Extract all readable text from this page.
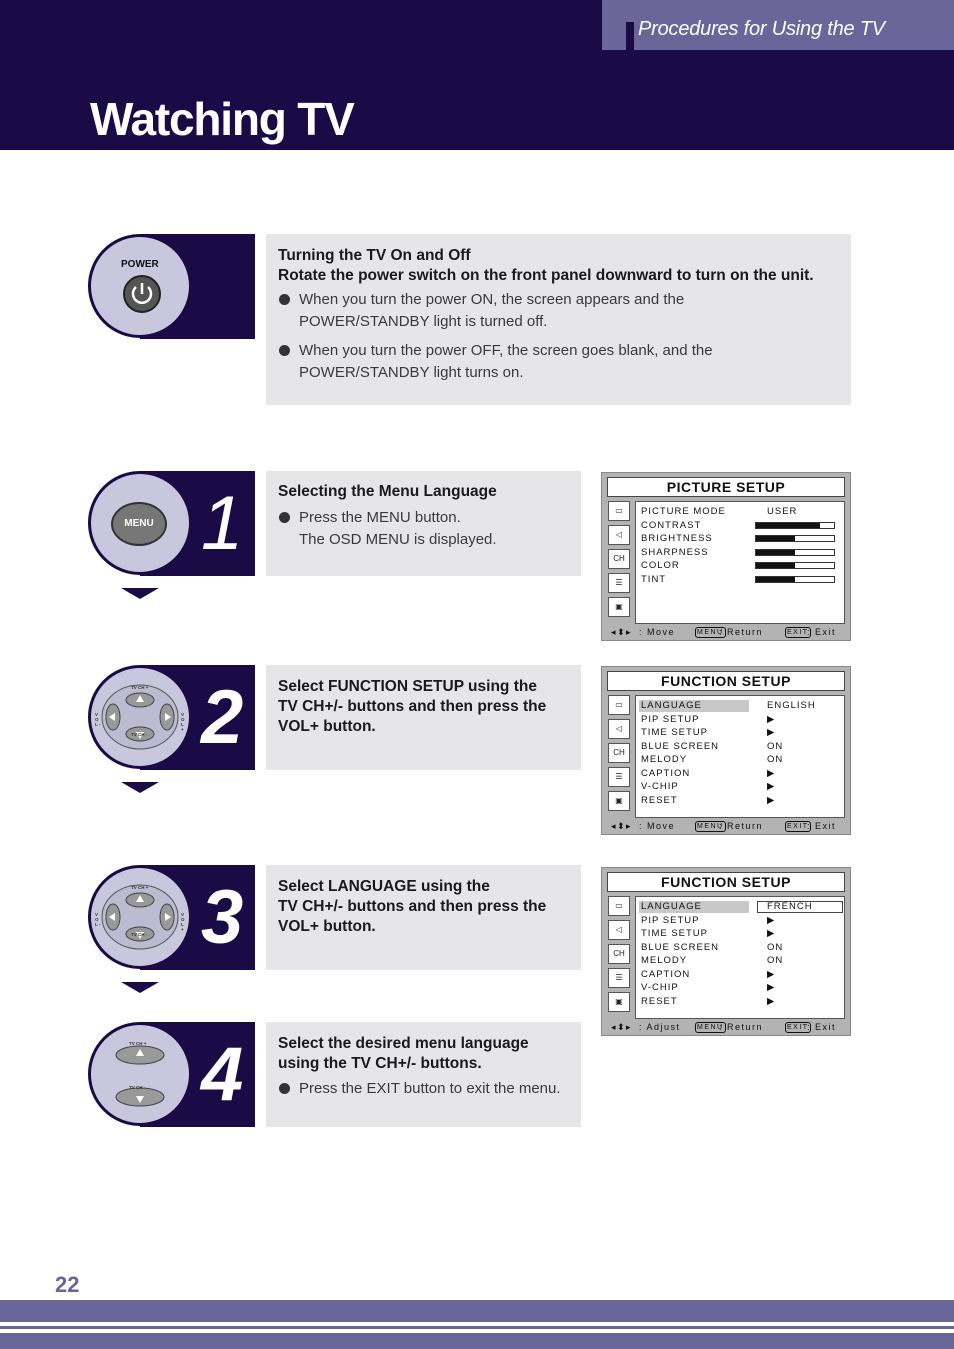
Procedures for Using the TV
Watching TV
POWER
Turning the TV On and Off
Rotate the power switch on the front panel downward to turn on the unit.
When you turn the power ON, the screen appears and the
POWER/STANDBY light is turned off.
When you turn the power OFF, the screen goes blank, and the
POWER/STANDBY light turns on.
MENU 1 Selecting the Menu Language
Press the MENU button.
The OSD MENU is displayed.
TV CH +
TV CH -
V O L -
V O L + 2 Select FUNCTION SETUP using the
TV CH+/- buttons and then press the
VOL+ button.
TV CH +
TV CH -
V O L -
V O L + 3 Select LANGUAGE using the
TV CH+/- buttons and then press the
VOL+ button.
TV CH +
TV CH - 4 Select the desired menu language
using the TV CH+/- buttons.
Press the EXIT button to exit the menu.
PICTURE SETUP
▭
◁
CH
☰
▣
PICTURE MODE	USER
CONTRAST
BRIGHTNESS
SHARPNESS
COLOR
TINT
◂⬍▸ : Move	MENU
: Return	EXIT
: Exit
FUNCTION SETUP
▭
◁
CH
☰
▣
LANGUAGE	ENGLISH
PIP SETUP	▶
TIME SETUP	▶
BLUE SCREEN	ON
MELODY	ON
CAPTION	▶
V-CHIP	▶
RESET	▶
◂⬍▸ : Move	MENU
: Return	EXIT
: Exit
FUNCTION SETUP
▭
◁
CH
☰
▣
LANGUAGE	FRENCH
PIP SETUP	▶
TIME SETUP	▶
BLUE SCREEN	ON
MELODY	ON
CAPTION	▶
V-CHIP	▶
RESET	▶
◂⬍▸ : Adjust MENU
: Return	EXIT
: Exit
22
